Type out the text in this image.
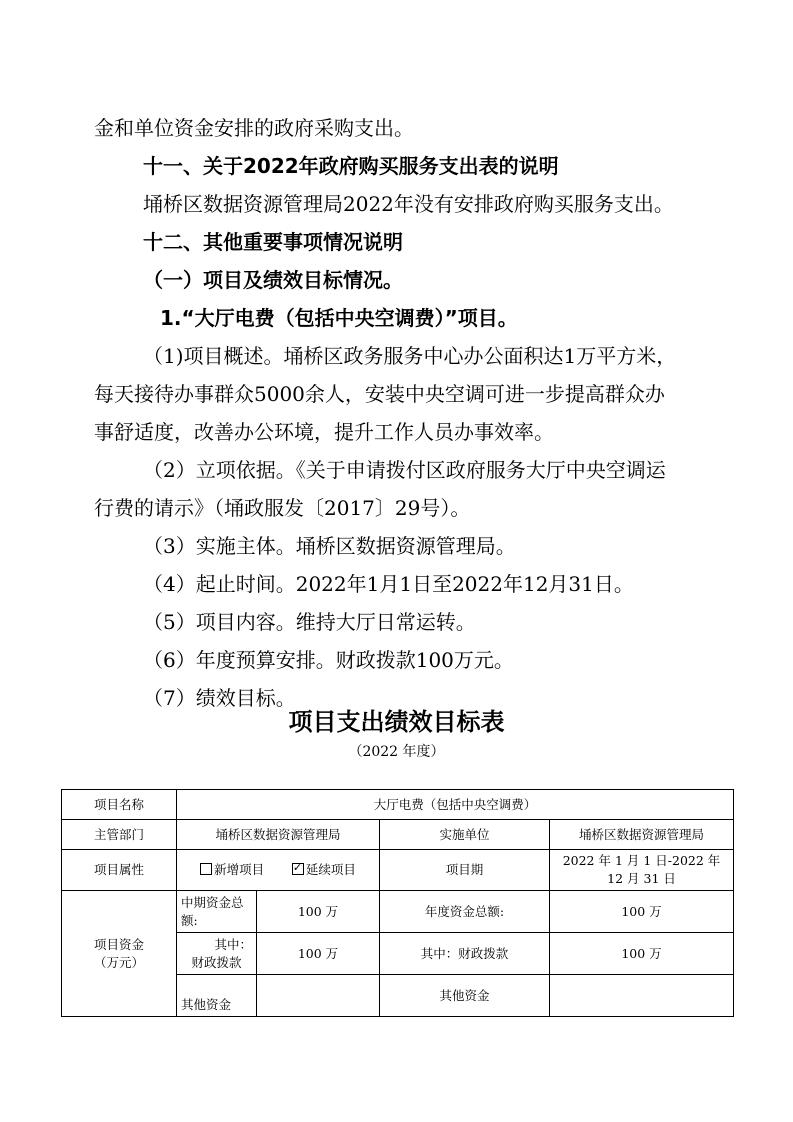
金和单位资金安排的政府采购支出。
十一、关于2022年政府购买服务支出表的说明
埇桥区数据资源管理局2022年没有安排政府购买服务支出。
十二、其他重要事项情况说明
（一）项目及绩效目标情况。
1.“大厅电费（包括中央空调费）”项目。
（1)项目概述。埇桥区政务服务中心办公面积达1万平方米，
每天接待办事群众5000余人，安装中央空调可进一步提高群众办
事舒适度，改善办公环境，提升工作人员办事效率。
（2）立项依据。《关于申请拨付区政府服务大厅中央空调运
行费的请示》（埇政服发〔2017〕29号）。
（3）实施主体。埇桥区数据资源管理局。
（4）起止时间。2022年1月1日至2022年12月31日。
（5）项目内容。维持大厅日常运转。
（6）年度预算安排。财政拨款100万元。
（7）绩效目标。
项目支出绩效目标表
（2022 年度）
项目名称	大厅电费（包括中央空调费）			
主管部门	埇桥区数据资源管理局		实施单位	埇桥区数据资源管理局
项目属性	新增项目 ✓ 延续项目		项目期	2022 年 1 月 1 日-2022 年 12 月 31 日

项目资金
（万元）	中期资金总额:	100 万	年度资金总额:	100 万

	其中：
财政拨款	100 万	其中：财政拨款	100 万
	其他资金		其他资金	
